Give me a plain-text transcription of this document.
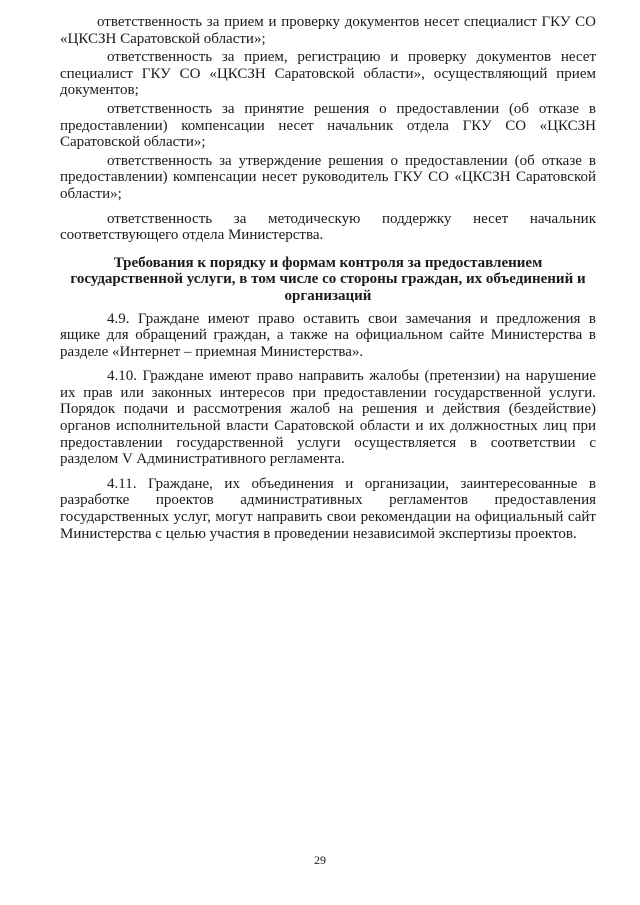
ответственность за прием и проверку документов несет специалист ГКУ СО «ЦКСЗН Саратовской области»;

ответственность за прием, регистрацию и проверку документов несет специалист ГКУ СО «ЦКСЗН Саратовской области», осуществляющий прием документов;

ответственность за принятие решения о предоставлении (об отказе в предоставлении) компенсации несет начальник отдела ГКУ СО «ЦКСЗН Саратовской области»;

ответственность за утверждение решения о предоставлении (об отказе в предоставлении) компенсации несет руководитель ГКУ СО «ЦКСЗН Саратовской области»;

ответственность за методическую поддержку несет начальник соответствующего отдела Министерства.

Требования к порядку и формам контроля за предоставлением государственной услуги, в том числе со стороны граждан, их объединений и организаций

4.9. Граждане имеют право оставить свои замечания и предложения в ящике для обращений граждан, а также на официальном сайте Министерства в разделе «Интернет – приемная Министерства».

4.10. Граждане имеют право направить жалобы (претензии) на нарушение их прав или законных интересов при предоставлении государственной услуги. Порядок подачи и рассмотрения жалоб на решения и действия (бездействие) органов исполнительной власти Саратовской области и их должностных лиц при предоставлении государственной услуги осуществляется в соответствии с разделом V Административного регламента.

4.11. Граждане, их объединения и организации, заинтересованные в разработке проектов административных регламентов предоставления государственных услуг, могут направить свои рекомендации на официальный сайт Министерства с целью участия в проведении независимой экспертизы проектов.

29
